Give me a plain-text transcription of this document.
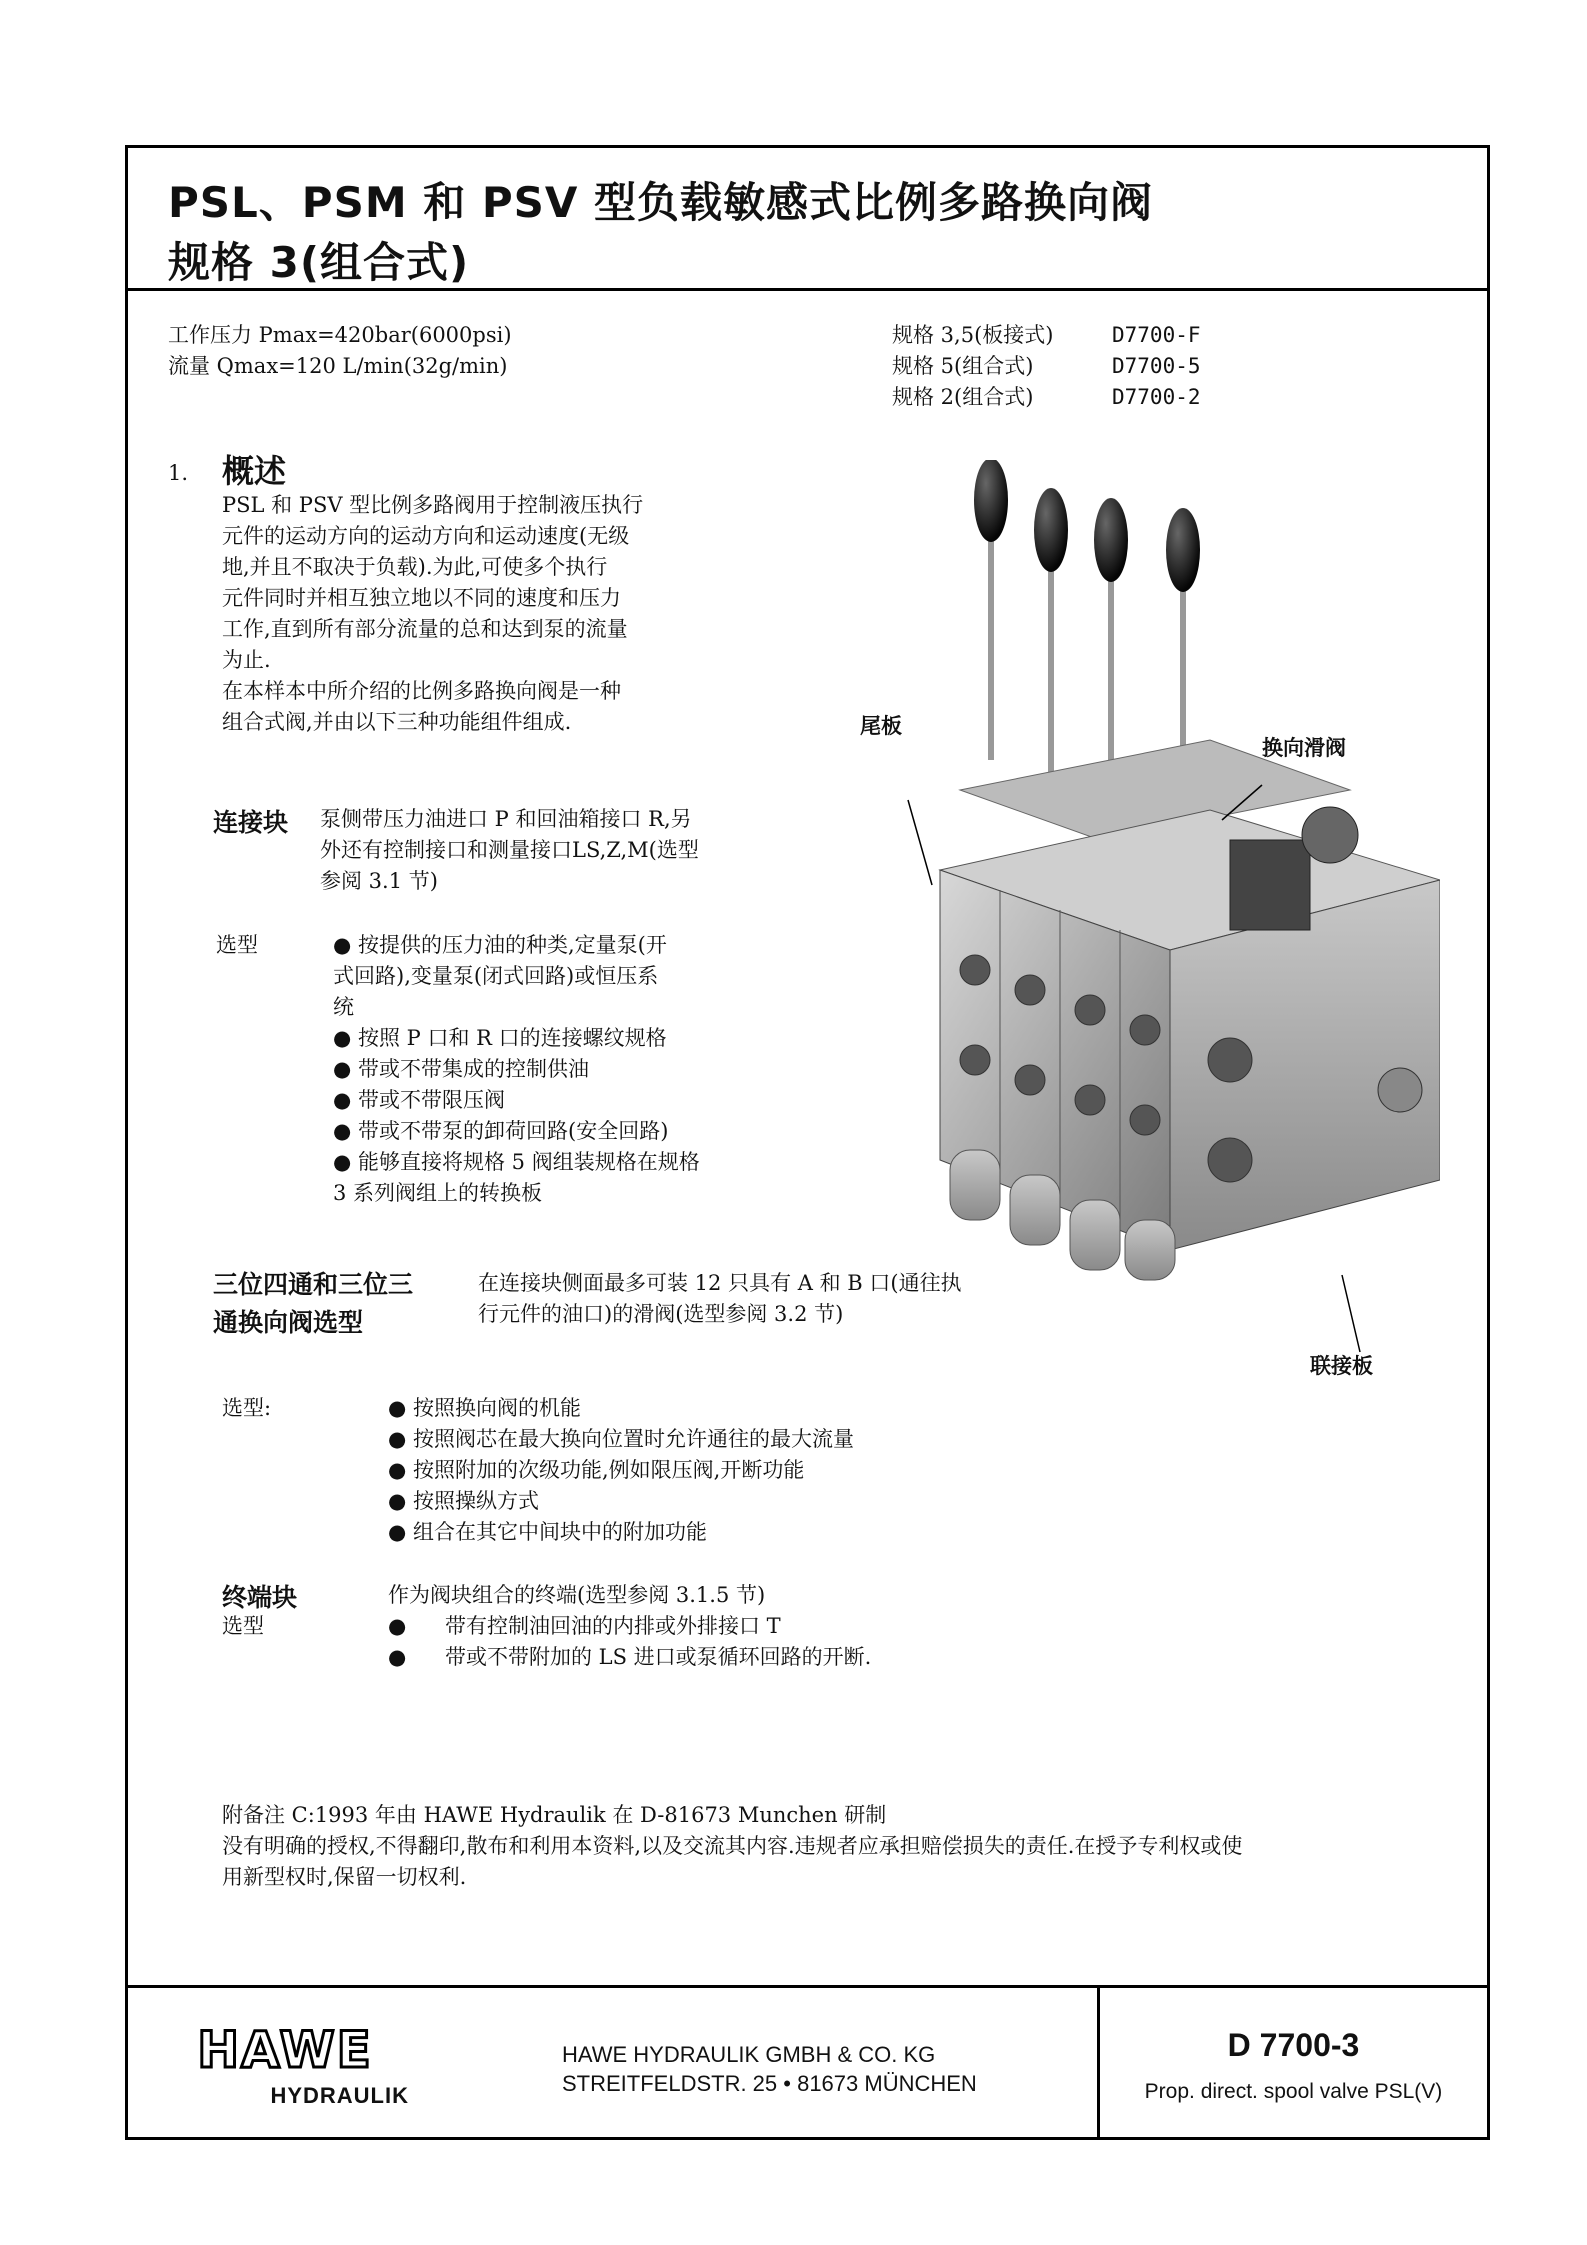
PSL、PSM 和 PSV 型负载敏感式比例多路换向阀
规格 3(组合式)
工作压力 Pmax=420bar(6000psi)
流量 Qmax=120 L/min(32g/min)
规格 3,5(板接式)	D7700-F
规格 5(组合式)	D7700-5
规格 2(组合式)	D7700-2
1. 概述
PSL 和 PSV 型比例多路阀用于控制液压执行
元件的运动方向的运动方向和运动速度(无级
地,并且不取决于负载).为此,可使多个执行
元件同时并相互独立地以不同的速度和压力
工作,直到所有部分流量的总和达到泵的流量
为止.
在本样本中所介绍的比例多路换向阀是一种
组合式阀,并由以下三种功能组件组成.	尾板
换向滑阀
联接板
连接块 泵侧带压力油进口 P 和回油箱接口 R,另
外还有控制接口和测量接口LS,Z,M(选型
参阅 3.1 节)
选型	● 按提供的压力油的种类,定量泵(开
式回路),变量泵(闭式回路)或恒压系
统
● 按照 P 口和 R 口的连接螺纹规格
● 带或不带集成的控制供油
● 带或不带限压阀
● 带或不带泵的卸荷回路(安全回路)
● 能够直接将规格 5 阀组装规格在规格
3 系列阀组上的转换板
三位四通和三位三
通换向阀选型
在连接块侧面最多可装 12 只具有 A 和 B 口(通往执
行元件的油口)的滑阀(选型参阅 3.2 节)
选型:	● 按照换向阀的机能
● 按照阀芯在最大换向位置时允许通往的最大流量
● 按照附加的次级功能,例如限压阀,开断功能
● 按照操纵方式
● 组合在其它中间块中的附加功能
终端块	作为阀块组合的终端(选型参阅 3.1.5 节)
选型	● 带有控制油回油的内排或外排接口 T
● 带或不带附加的 LS 进口或泵循环回路的开断.
附备注 C:1993 年由 HAWE Hydraulik 在 D-81673 Munchen 研制
没有明确的授权,不得翻印,散布和利用本资料,以及交流其内容.违规者应承担赔偿损失的责任.在授予专利权或使
用新型权时,保留一切权利.
HAWE
HYDRAULIK
HAWE HYDRAULIK GMBH & CO. KG
STREITFELDSTR. 25 • 81673 MÜNCHEN
D 7700-3
Prop. direct. spool valve PSL(V)
